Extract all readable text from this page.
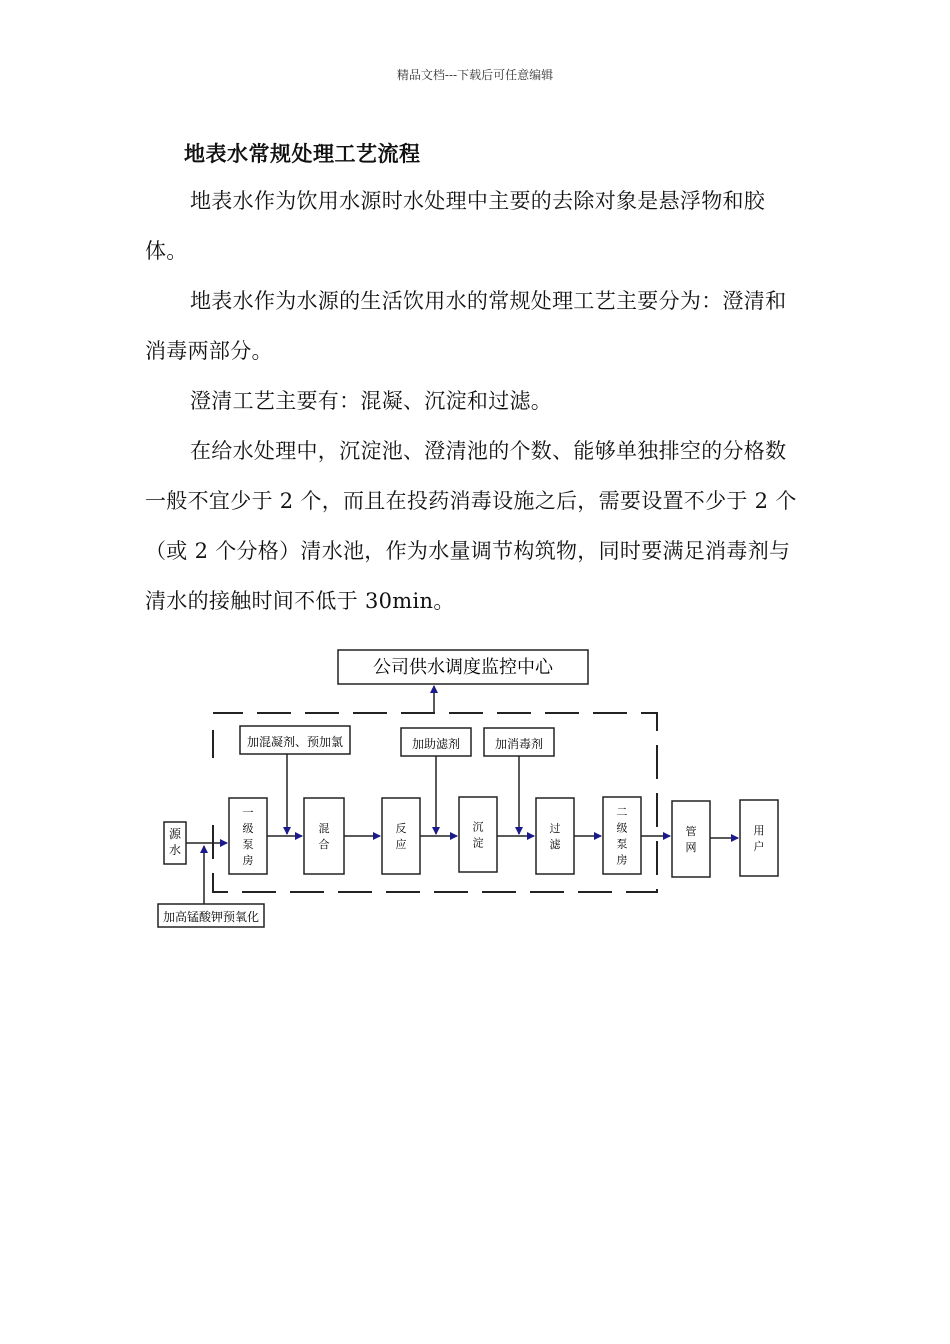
精品文档---下载后可任意编辑
地表水常规处理工艺流程

地表水作为饮用水源时水处理中主要的去除对象是悬浮物和胶体。

地表水作为水源的生活饮用水的常规处理工艺主要分为：澄清和消毒两部分。

澄清工艺主要有：混凝、沉淀和过滤。

在给水处理中，沉淀池、澄清池的个数、能够单独排空的分格数一般不宜少于 2 个，而且在投药消毒设施之后，需要设置不少于 2 个（或 2 个分格）清水池，作为水量调节构筑物，同时要满足消毒剂与清水的接触时间不低于 30min。

公司供水调度监控中心
加混凝剂、预加氯	加助滤剂	加消毒剂
源水
加高锰酸钾预氧化
一级泵房
混合
反应
沉淀
过滤
二级泵房
管网
用户
